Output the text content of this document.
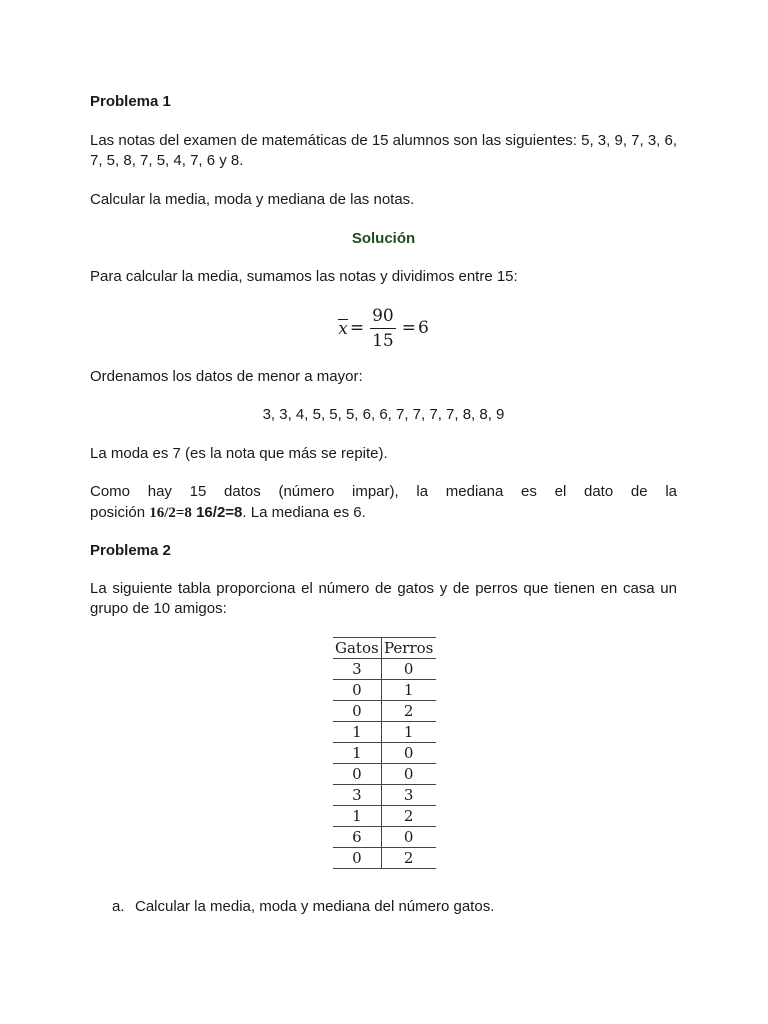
Problema 1
Las notas del examen de matemáticas de 15 alumnos son las siguientes: 5, 3, 9, 7, 3, 6, 7, 5, 8, 7, 5, 4, 7, 6 y 8.
Calcular la media, moda y mediana de las notas.
Solución
Para calcular la media, sumamos las notas y dividimos entre 15:
$x = \frac{90}{15} = 6$
Ordenamos los datos de menor a mayor:
3, 3, 4, 5, 5, 5, 6, 6, 7, 7, 7, 7, 8, 8, 9
La moda es 7 (es la nota que más se repite).
Como hay 15 datos (número impar), la mediana es el dato de la
posición 16/2=8 16/2=8. La mediana es 6.
Problema 2
La siguiente tabla proporciona el número de gatos y de perros que tienen en casa un grupo de 10 amigos:
Gatos	Perros
3	0
0	1
0	2
1	1
1	0
0	0
3	3
1	2
6	0
0	2
a. Calcular la media, moda y mediana del número gatos.
